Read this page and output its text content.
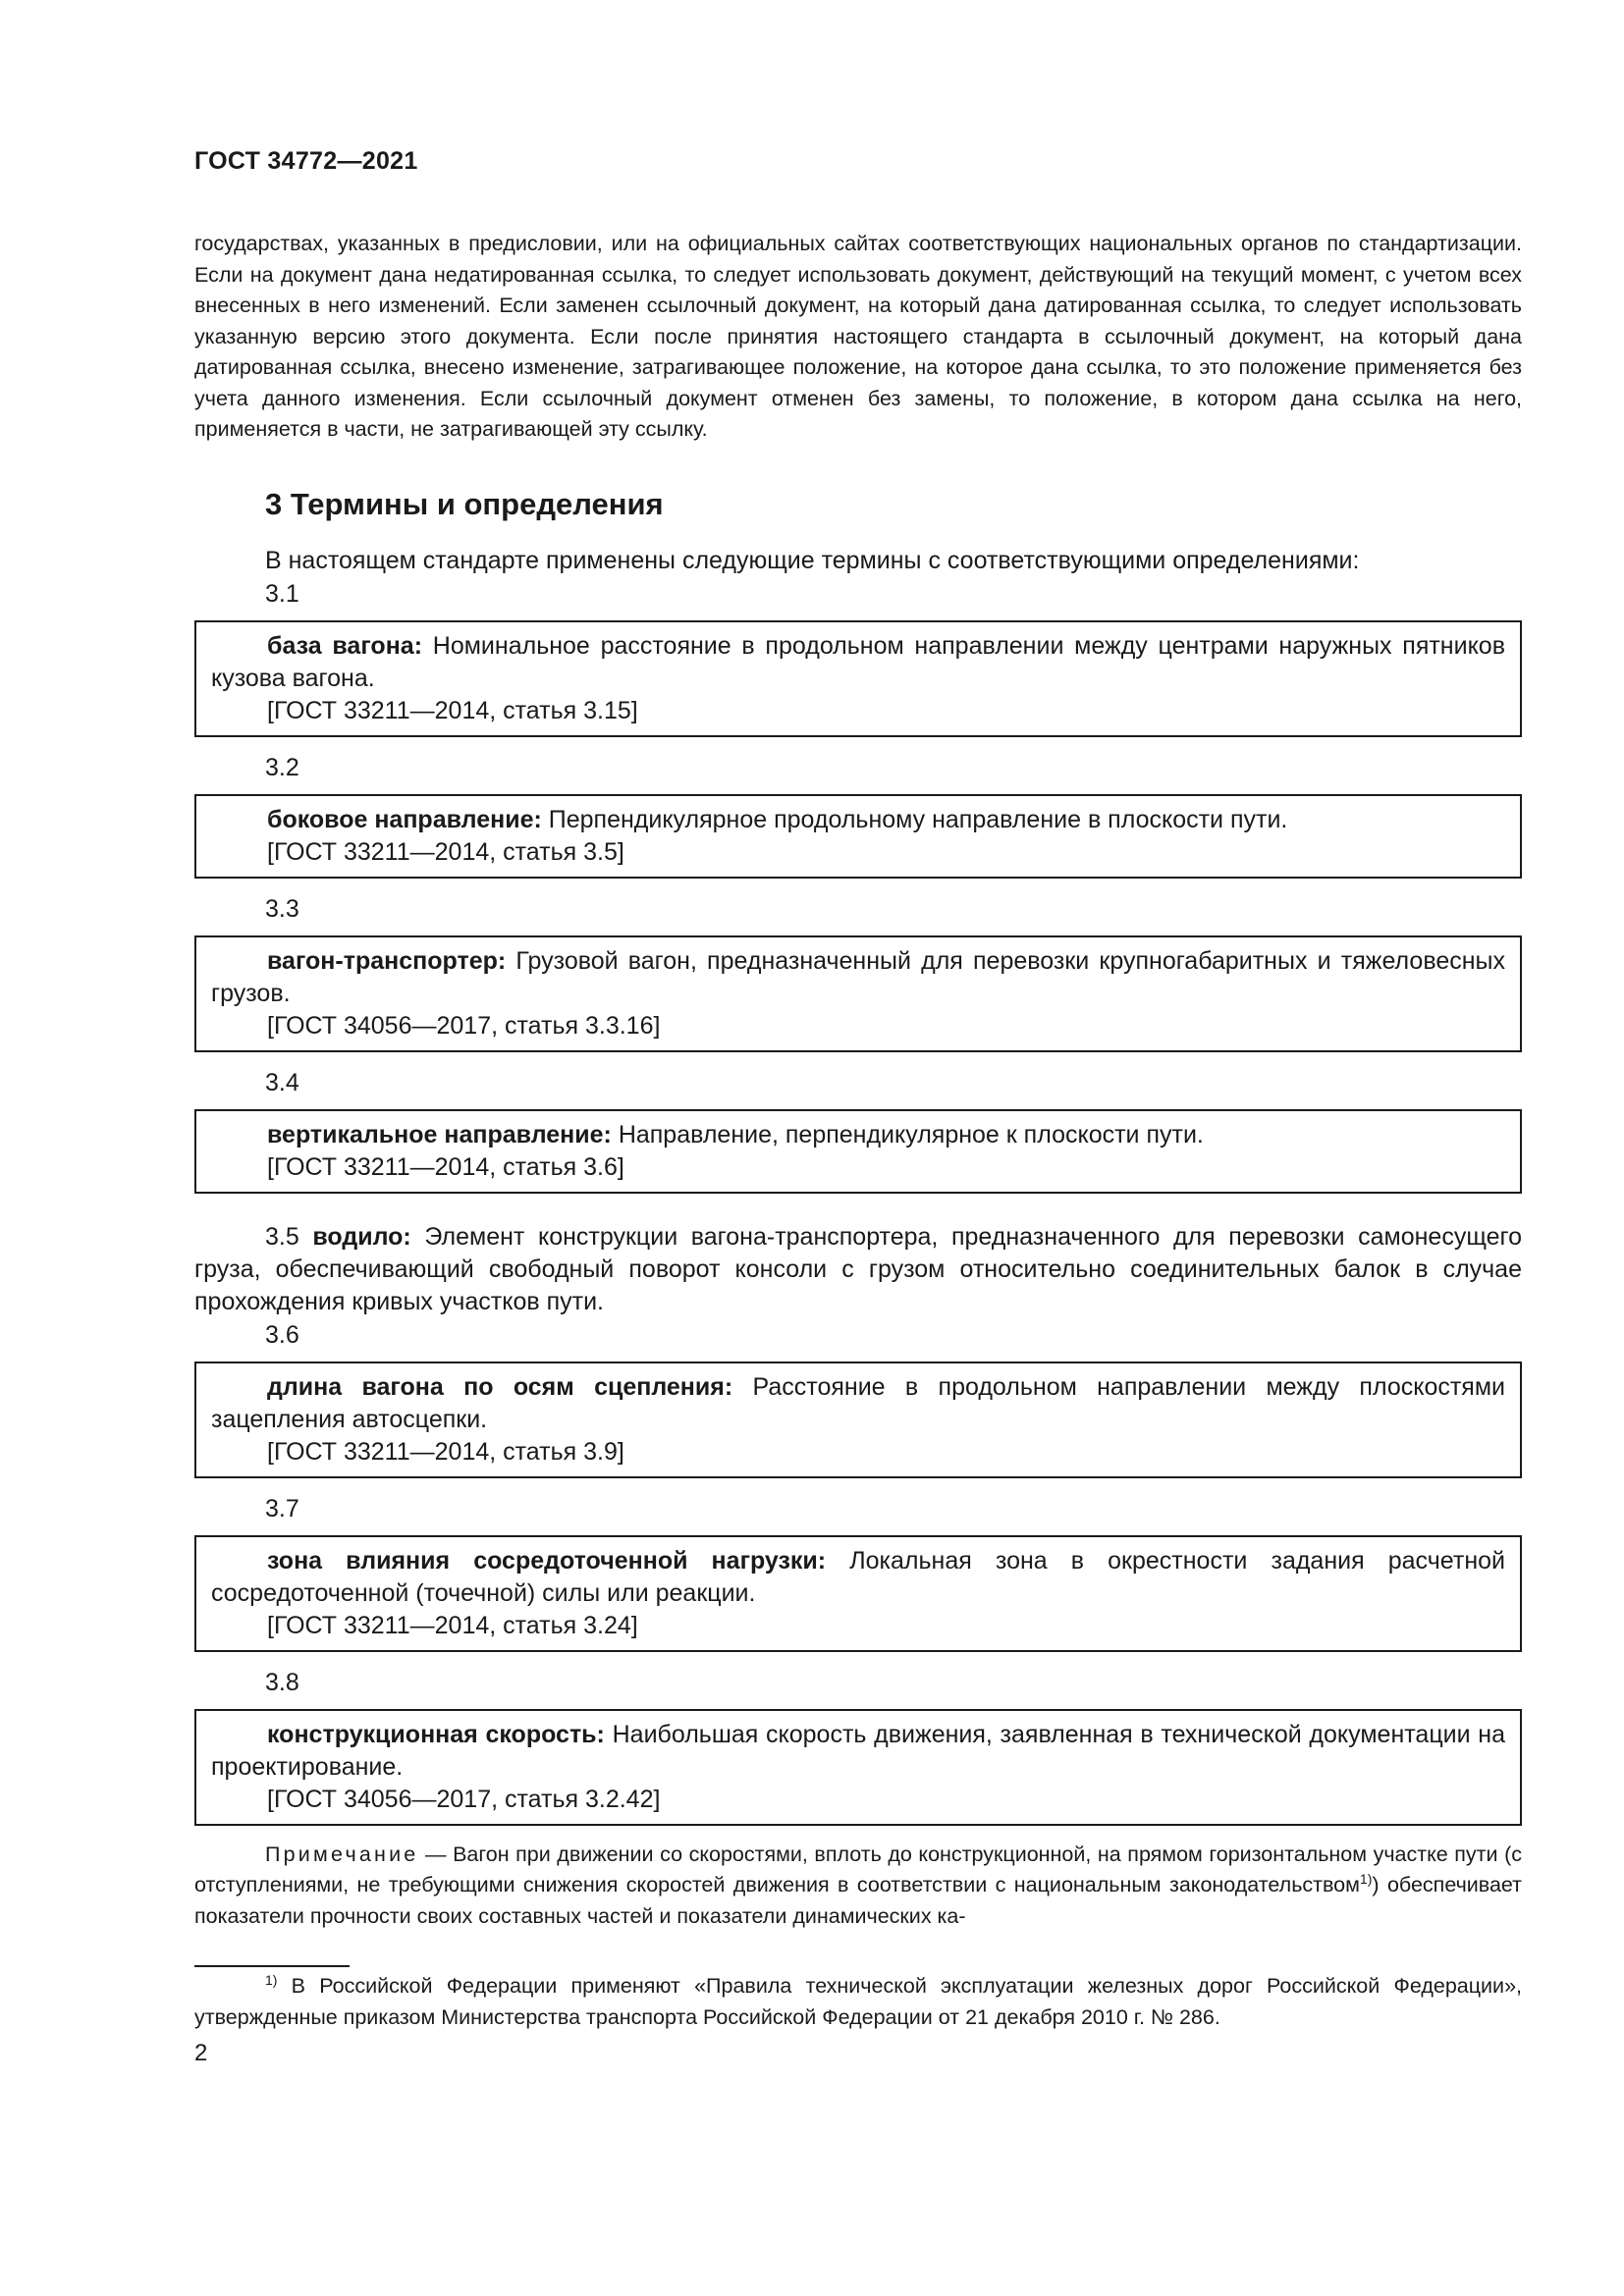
ГОСТ 34772—2021

государствах, указанных в предисловии, или на официальных сайтах соответствующих национальных органов по стандартизации. Если на документ дана недатированная ссылка, то следует использовать документ, действующий на текущий момент, с учетом всех внесенных в него изменений. Если заменен ссылочный документ, на который дана датированная ссылка, то следует использовать указанную версию этого документа. Если после принятия настоящего стандарта в ссылочный документ, на который дана датированная ссылка, внесено изменение, затрагивающее положение, на которое дана ссылка, то это положение применяется без учета данного изменения. Если ссылочный документ отменен без замены, то положение, в котором дана ссылка на него, применяется в части, не затрагивающей эту ссылку.

3 Термины и определения
В настоящем стандарте применены следующие термины с соответствующими определениями:
3.1

база вагона: Номинальное расстояние в продольном направлении между центрами наружных пятников кузова вагона.

[ГОСТ 33211—2014, статья 3.15]
3.2

боковое направление: Перпендикулярное продольному направление в плоскости пути.

[ГОСТ 33211—2014, статья 3.5]
3.3

вагон-транспортер: Грузовой вагон, предназначенный для перевозки крупногабаритных и тяжеловесных грузов.

[ГОСТ 34056—2017, статья 3.3.16]
3.4

вертикальное направление: Направление, перпендикулярное к плоскости пути.

[ГОСТ 33211—2014, статья 3.6]

3.5 водило: Элемент конструкции вагона-транспортера, предназначенного для перевозки самонесущего груза, обеспечивающий свободный поворот консоли с грузом относительно соединительных балок в случае прохождения кривых участков пути.

3.6

длина вагона по осям сцепления: Расстояние в продольном направлении между плоскостями зацепления автосцепки.

[ГОСТ 33211—2014, статья 3.9]
3.7

зона влияния сосредоточенной нагрузки: Локальная зона в окрестности задания расчетной сосредоточенной (точечной) силы или реакции.

[ГОСТ 33211—2014, статья 3.24]
3.8

конструкционная скорость: Наибольшая скорость движения, заявленная в технической документации на проектирование.

[ГОСТ 34056—2017, статья 3.2.42]

Примечание — Вагон при движении со скоростями, вплоть до конструкционной, на прямом горизонтальном участке пути (с отступлениями, не требующими снижения скоростей движения в соответствии с национальным законодательством$^{1)}$) обеспечивает показатели прочности своих составных частей и показатели динамических ка-

$^{1)}$ В Российской Федерации применяют «Правила технической эксплуатации железных дорог Российской Федерации», утвержденные приказом Министерства транспорта Российской Федерации от 21 декабря 2010 г. № 286.

2
